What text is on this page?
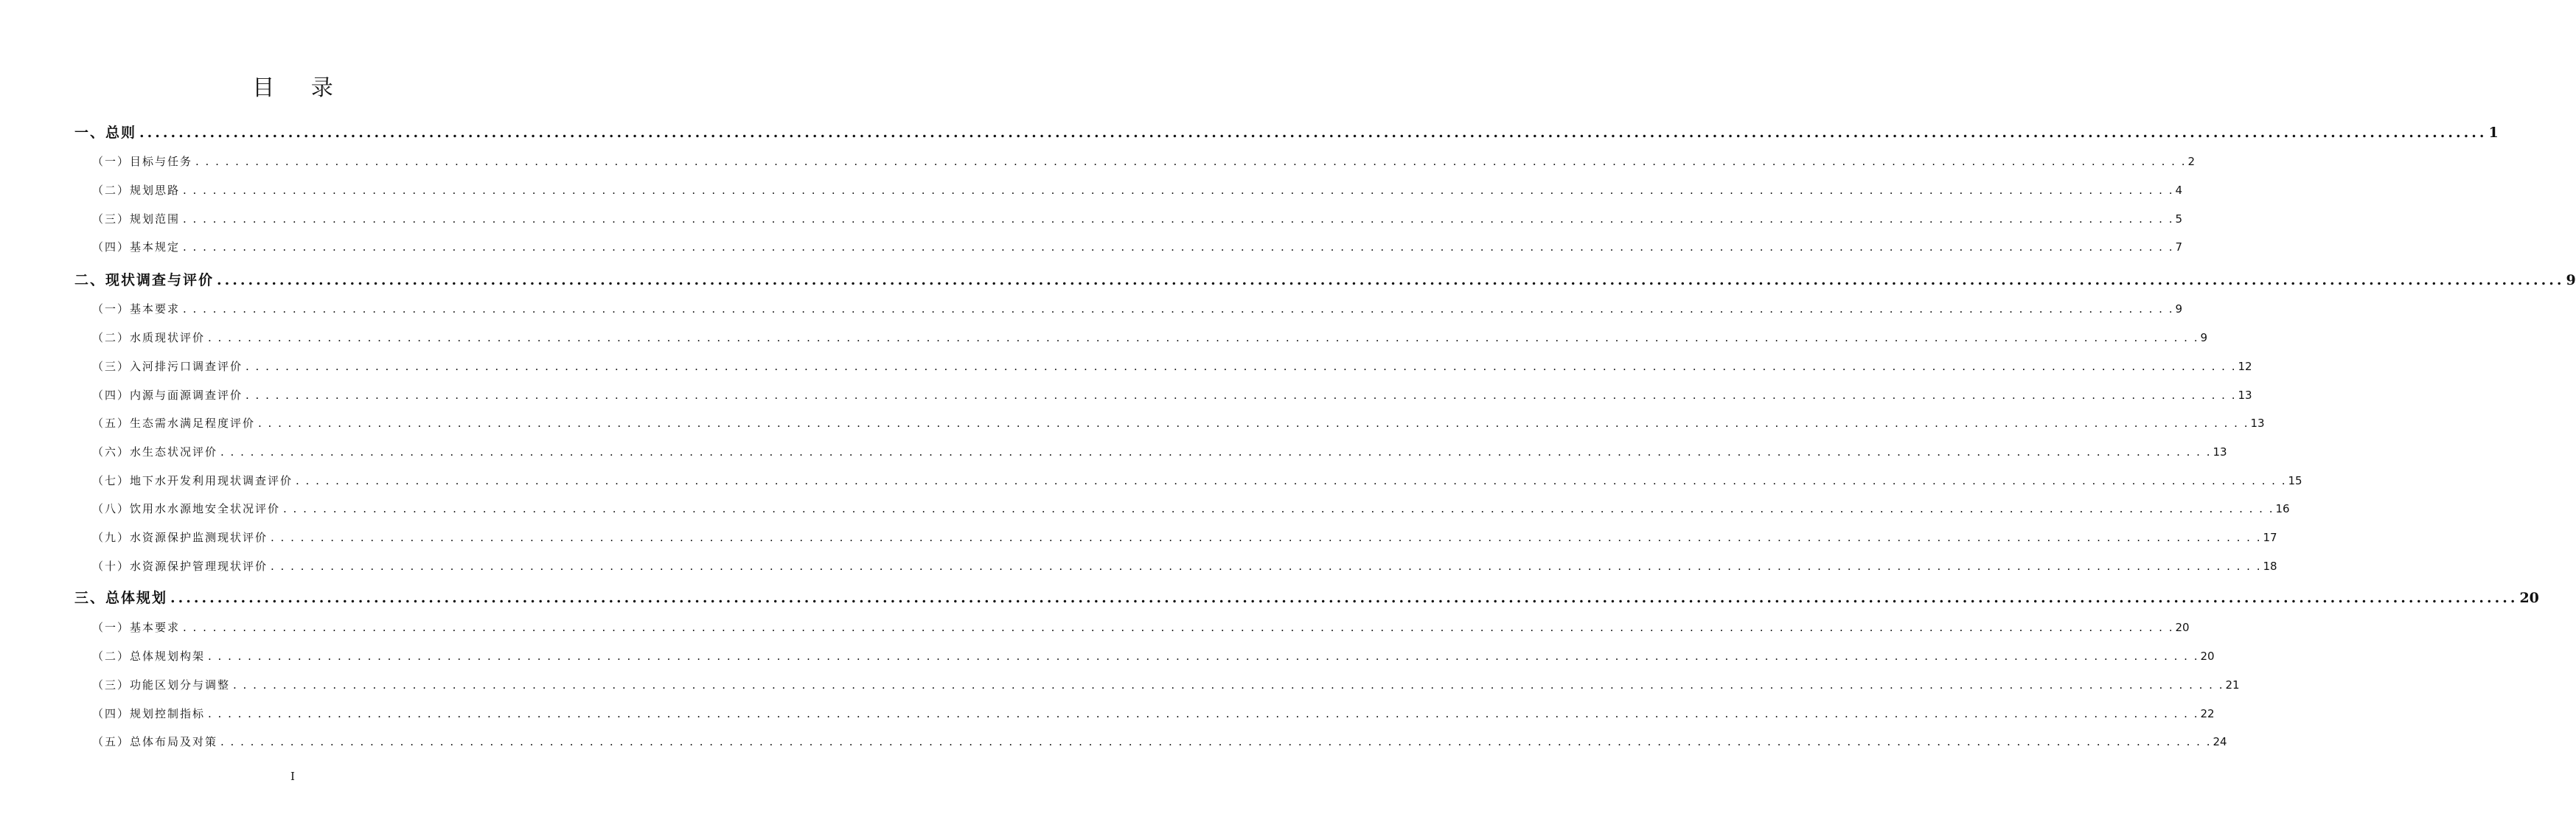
目 录
一、总则 ............................................................................................................................................................................................................................................................................................................ 1
（一）目标与任务 . . . . . . . . . . . . . . . . . . . . . . . . . . . . . . . . . . . . . . . . . . . . . . . . . . . . . . . . . . . . . . . . . . . . . . . . . . . . . . . . . . . . . . . . . . . . . . . . . . . . . . . . . . . . . . . . . . . . . . . . . . . . . . . . . . . . . . . . . . . . . . . . . . . . . . . . . . . . . . . . . . . . . . . . . . . . . . . . . . . . . . . . . . . . . . . . . . . . . . . . 2
（二）规划思路 . . . . . . . . . . . . . . . . . . . . . . . . . . . . . . . . . . . . . . . . . . . . . . . . . . . . . . . . . . . . . . . . . . . . . . . . . . . . . . . . . . . . . . . . . . . . . . . . . . . . . . . . . . . . . . . . . . . . . . . . . . . . . . . . . . . . . . . . . . . . . . . . . . . . . . . . . . . . . . . . . . . . . . . . . . . . . . . . . . . . . . . . . . . . . . . . . . . . . . . . 4
（三）规划范围 . . . . . . . . . . . . . . . . . . . . . . . . . . . . . . . . . . . . . . . . . . . . . . . . . . . . . . . . . . . . . . . . . . . . . . . . . . . . . . . . . . . . . . . . . . . . . . . . . . . . . . . . . . . . . . . . . . . . . . . . . . . . . . . . . . . . . . . . . . . . . . . . . . . . . . . . . . . . . . . . . . . . . . . . . . . . . . . . . . . . . . . . . . . . . . . . . . . . . . . . 5
（四）基本规定 . . . . . . . . . . . . . . . . . . . . . . . . . . . . . . . . . . . . . . . . . . . . . . . . . . . . . . . . . . . . . . . . . . . . . . . . . . . . . . . . . . . . . . . . . . . . . . . . . . . . . . . . . . . . . . . . . . . . . . . . . . . . . . . . . . . . . . . . . . . . . . . . . . . . . . . . . . . . . . . . . . . . . . . . . . . . . . . . . . . . . . . . . . . . . . . . . . . . . . . . 7
二、现状调查与评价 ............................................................................................................................................................................................................................................................................................................ 9
（一）基本要求 . . . . . . . . . . . . . . . . . . . . . . . . . . . . . . . . . . . . . . . . . . . . . . . . . . . . . . . . . . . . . . . . . . . . . . . . . . . . . . . . . . . . . . . . . . . . . . . . . . . . . . . . . . . . . . . . . . . . . . . . . . . . . . . . . . . . . . . . . . . . . . . . . . . . . . . . . . . . . . . . . . . . . . . . . . . . . . . . . . . . . . . . . . . . . . . . . . . . . . . . 9
（二）水质现状评价 . . . . . . . . . . . . . . . . . . . . . . . . . . . . . . . . . . . . . . . . . . . . . . . . . . . . . . . . . . . . . . . . . . . . . . . . . . . . . . . . . . . . . . . . . . . . . . . . . . . . . . . . . . . . . . . . . . . . . . . . . . . . . . . . . . . . . . . . . . . . . . . . . . . . . . . . . . . . . . . . . . . . . . . . . . . . . . . . . . . . . . . . . . . . . . . . . . . . . . . . 9
（三）入河排污口调查评价 . . . . . . . . . . . . . . . . . . . . . . . . . . . . . . . . . . . . . . . . . . . . . . . . . . . . . . . . . . . . . . . . . . . . . . . . . . . . . . . . . . . . . . . . . . . . . . . . . . . . . . . . . . . . . . . . . . . . . . . . . . . . . . . . . . . . . . . . . . . . . . . . . . . . . . . . . . . . . . . . . . . . . . . . . . . . . . . . . . . . . . . . . . . . . . . . . . . . . . . . 12
（四）内源与面源调查评价 . . . . . . . . . . . . . . . . . . . . . . . . . . . . . . . . . . . . . . . . . . . . . . . . . . . . . . . . . . . . . . . . . . . . . . . . . . . . . . . . . . . . . . . . . . . . . . . . . . . . . . . . . . . . . . . . . . . . . . . . . . . . . . . . . . . . . . . . . . . . . . . . . . . . . . . . . . . . . . . . . . . . . . . . . . . . . . . . . . . . . . . . . . . . . . . . . . . . . . . . 13
（五）生态需水满足程度评价 . . . . . . . . . . . . . . . . . . . . . . . . . . . . . . . . . . . . . . . . . . . . . . . . . . . . . . . . . . . . . . . . . . . . . . . . . . . . . . . . . . . . . . . . . . . . . . . . . . . . . . . . . . . . . . . . . . . . . . . . . . . . . . . . . . . . . . . . . . . . . . . . . . . . . . . . . . . . . . . . . . . . . . . . . . . . . . . . . . . . . . . . . . . . . . . . . . . . . . . . 13
（六）水生态状况评价 . . . . . . . . . . . . . . . . . . . . . . . . . . . . . . . . . . . . . . . . . . . . . . . . . . . . . . . . . . . . . . . . . . . . . . . . . . . . . . . . . . . . . . . . . . . . . . . . . . . . . . . . . . . . . . . . . . . . . . . . . . . . . . . . . . . . . . . . . . . . . . . . . . . . . . . . . . . . . . . . . . . . . . . . . . . . . . . . . . . . . . . . . . . . . . . . . . . . . . . . 13
（七）地下水开发利用现状调查评价 . . . . . . . . . . . . . . . . . . . . . . . . . . . . . . . . . . . . . . . . . . . . . . . . . . . . . . . . . . . . . . . . . . . . . . . . . . . . . . . . . . . . . . . . . . . . . . . . . . . . . . . . . . . . . . . . . . . . . . . . . . . . . . . . . . . . . . . . . . . . . . . . . . . . . . . . . . . . . . . . . . . . . . . . . . . . . . . . . . . . . . . . . . . . . . . . . . . . . . . . 15
（八）饮用水水源地安全状况评价 . . . . . . . . . . . . . . . . . . . . . . . . . . . . . . . . . . . . . . . . . . . . . . . . . . . . . . . . . . . . . . . . . . . . . . . . . . . . . . . . . . . . . . . . . . . . . . . . . . . . . . . . . . . . . . . . . . . . . . . . . . . . . . . . . . . . . . . . . . . . . . . . . . . . . . . . . . . . . . . . . . . . . . . . . . . . . . . . . . . . . . . . . . . . . . . . . . . . . . . . 16
（九）水资源保护监测现状评价 . . . . . . . . . . . . . . . . . . . . . . . . . . . . . . . . . . . . . . . . . . . . . . . . . . . . . . . . . . . . . . . . . . . . . . . . . . . . . . . . . . . . . . . . . . . . . . . . . . . . . . . . . . . . . . . . . . . . . . . . . . . . . . . . . . . . . . . . . . . . . . . . . . . . . . . . . . . . . . . . . . . . . . . . . . . . . . . . . . . . . . . . . . . . . . . . . . . . . . . . 17
（十）水资源保护管理现状评价 . . . . . . . . . . . . . . . . . . . . . . . . . . . . . . . . . . . . . . . . . . . . . . . . . . . . . . . . . . . . . . . . . . . . . . . . . . . . . . . . . . . . . . . . . . . . . . . . . . . . . . . . . . . . . . . . . . . . . . . . . . . . . . . . . . . . . . . . . . . . . . . . . . . . . . . . . . . . . . . . . . . . . . . . . . . . . . . . . . . . . . . . . . . . . . . . . . . . . . . . 18
三、总体规划 ............................................................................................................................................................................................................................................................................................................ 20
（一）基本要求 . . . . . . . . . . . . . . . . . . . . . . . . . . . . . . . . . . . . . . . . . . . . . . . . . . . . . . . . . . . . . . . . . . . . . . . . . . . . . . . . . . . . . . . . . . . . . . . . . . . . . . . . . . . . . . . . . . . . . . . . . . . . . . . . . . . . . . . . . . . . . . . . . . . . . . . . . . . . . . . . . . . . . . . . . . . . . . . . . . . . . . . . . . . . . . . . . . . . . . . . 20
（二）总体规划构架 . . . . . . . . . . . . . . . . . . . . . . . . . . . . . . . . . . . . . . . . . . . . . . . . . . . . . . . . . . . . . . . . . . . . . . . . . . . . . . . . . . . . . . . . . . . . . . . . . . . . . . . . . . . . . . . . . . . . . . . . . . . . . . . . . . . . . . . . . . . . . . . . . . . . . . . . . . . . . . . . . . . . . . . . . . . . . . . . . . . . . . . . . . . . . . . . . . . . . . . . 20
（三）功能区划分与调整 . . . . . . . . . . . . . . . . . . . . . . . . . . . . . . . . . . . . . . . . . . . . . . . . . . . . . . . . . . . . . . . . . . . . . . . . . . . . . . . . . . . . . . . . . . . . . . . . . . . . . . . . . . . . . . . . . . . . . . . . . . . . . . . . . . . . . . . . . . . . . . . . . . . . . . . . . . . . . . . . . . . . . . . . . . . . . . . . . . . . . . . . . . . . . . . . . . . . . . . . 21
（四）规划控制指标 . . . . . . . . . . . . . . . . . . . . . . . . . . . . . . . . . . . . . . . . . . . . . . . . . . . . . . . . . . . . . . . . . . . . . . . . . . . . . . . . . . . . . . . . . . . . . . . . . . . . . . . . . . . . . . . . . . . . . . . . . . . . . . . . . . . . . . . . . . . . . . . . . . . . . . . . . . . . . . . . . . . . . . . . . . . . . . . . . . . . . . . . . . . . . . . . . . . . . . . . 22
（五）总体布局及对策 . . . . . . . . . . . . . . . . . . . . . . . . . . . . . . . . . . . . . . . . . . . . . . . . . . . . . . . . . . . . . . . . . . . . . . . . . . . . . . . . . . . . . . . . . . . . . . . . . . . . . . . . . . . . . . . . . . . . . . . . . . . . . . . . . . . . . . . . . . . . . . . . . . . . . . . . . . . . . . . . . . . . . . . . . . . . . . . . . . . . . . . . . . . . . . . . . . . . . . . . 24
I
